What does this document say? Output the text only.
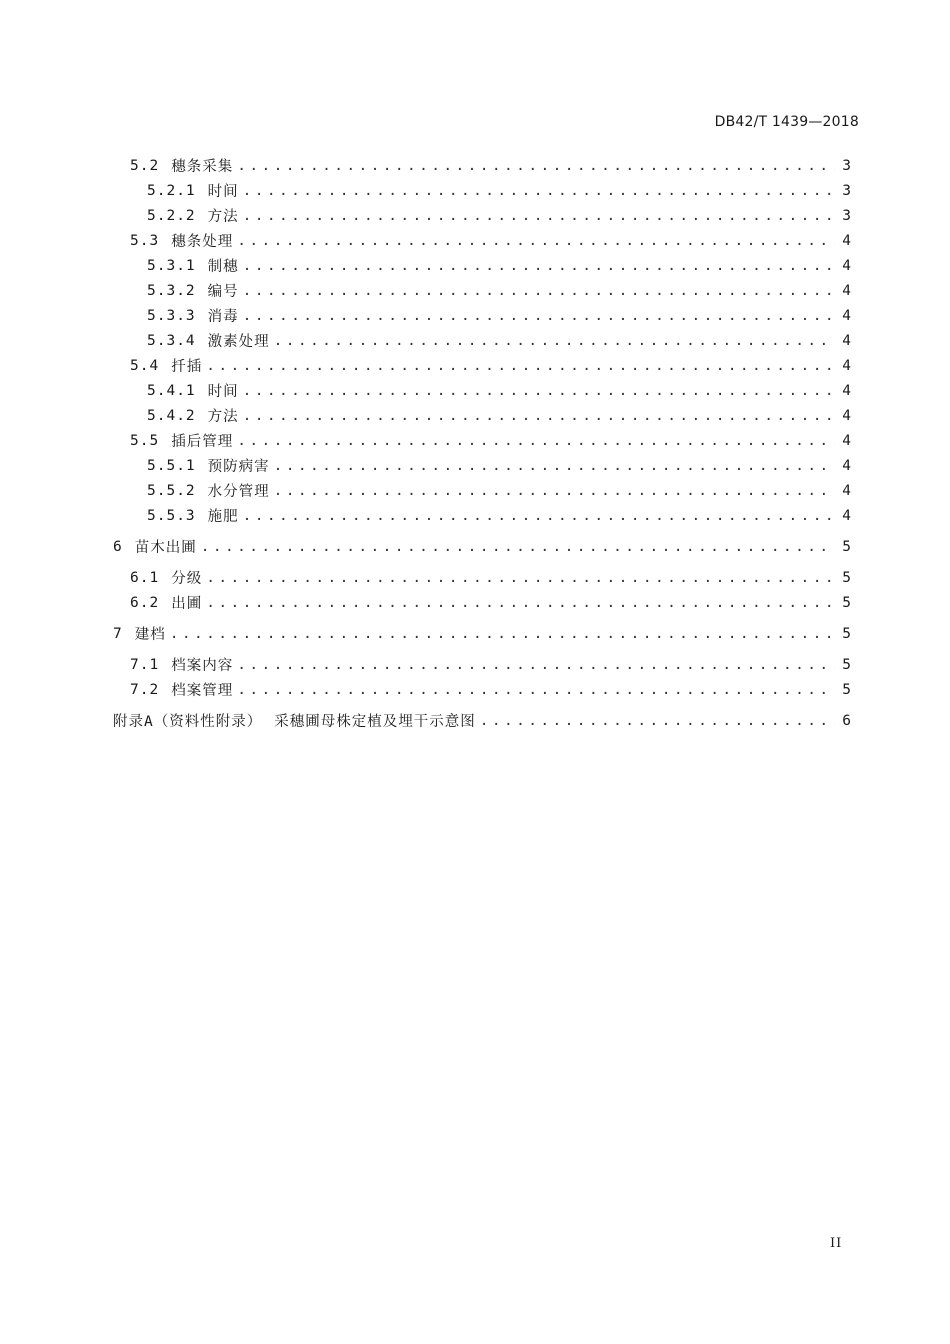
DB42/T 1439—2018
5.2 穗条采集 .....	3
5.2.1 时间 .....	3
5.2.2 方法 .....	3
5.3 穗条处理 .....	4
5.3.1 制穗 .....	4
5.3.2 编号 .....	4
5.3.3 消毒 .....	4
5.3.4 激素处理 .....	4
5.4 扦插 .....	4
5.4.1 时间 .....	4
5.4.2 方法 .....	4
5.5 插后管理 .....	4
5.5.1 预防病害 .....	4
5.5.2 水分管理 .....	4
5.5.3 施肥 .....	4
6 苗木出圃 .....	5
6.1 分级 .....	5
6.2 出圃 .....	5
7 建档 .....	5
7.1 档案内容 .....	5
7.2 档案管理 .....	5
附录A（资料性附录） 采穗圃母株定植及埋干示意图 .....	6
II
